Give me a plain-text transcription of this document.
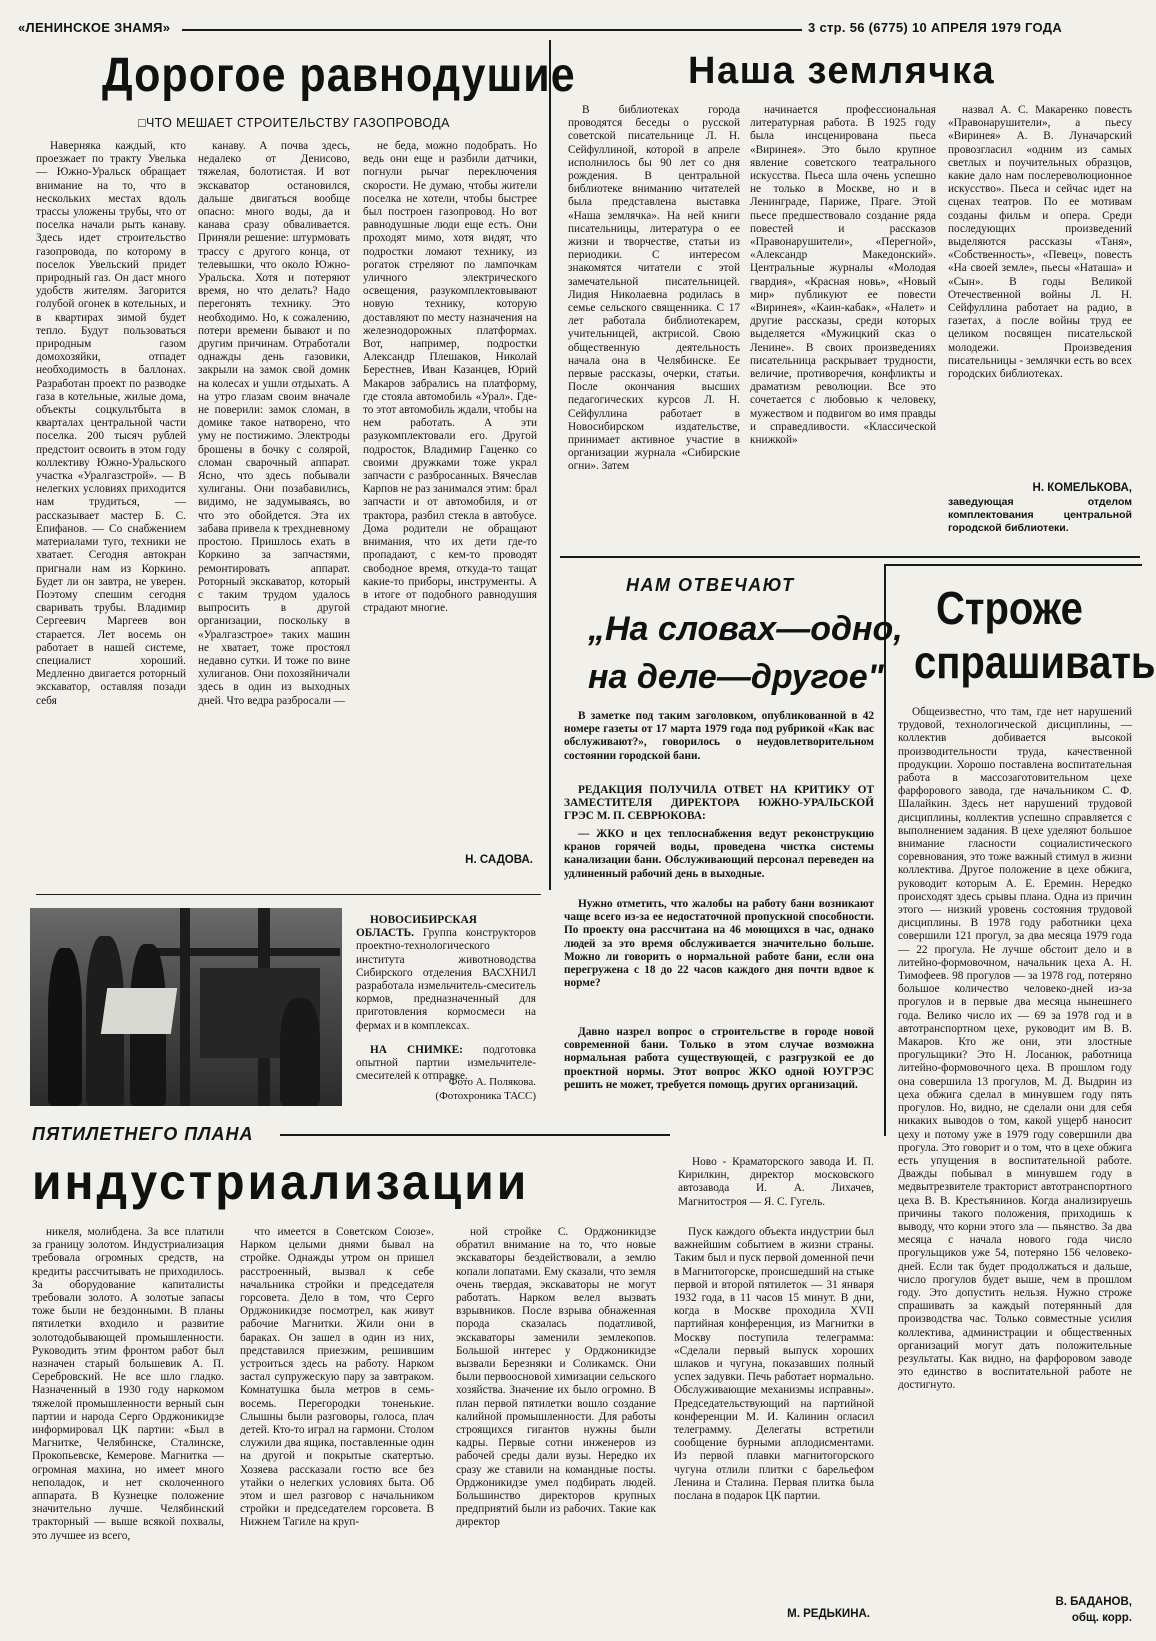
«ЛЕНИНСКОЕ ЗНАМЯ»	3 стр. 56 (6775) 10 АПРЕЛЯ 1979 ГОДА
Дорогое равнодушие
□ЧТО МЕШАЕТ СТРОИТЕЛЬСТВУ ГАЗОПРОВОДА

Наверняка каждый, кто проезжает по тракту Увелька — Южно-Уральск обращает внимание на то, что в нескольких местах вдоль трассы уложены трубы, что от поселка начали рыть канаву. Здесь идет строительство газопровода, по которому в поселок Увельский придет природный газ. Он даст много удобств жителям. Загорится голубой огонек в котельных, и в квартирах зимой будет тепло. Будут пользоваться природным газом домохозяйки, отпадет необходимость в баллонах. Разработан проект по разводке газа в котельные, жилые дома, объекты соцкультбыта в кварталах центральной части поселка. 200 тысяч рублей предстоит освоить в этом году коллективу Южно-Уральского участка «Уралгазстрой». — В нелегких условиях приходится нам трудиться, — рассказывает мастер Б. С. Епифанов. — Со снабжением материалами туго, техники не хватает. Сегодня автокран пригнали нам из Коркино. Будет ли он завтра, не уверен. Поэтому спешим сегодня сваривать трубы. Владимир Сергеевич Маргеев вон старается. Лет восемь он работает в нашей системе, специалист хороший. Медленно двигается роторный экскаватор, оставляя позади себя

канаву. А почва здесь, недалеко от Денисово, тяжелая, болотистая. И вот экскаватор остановился, дальше двигаться вообще опасно: много воды, да и канава сразу обваливается. Приняли решение: штурмовать трассу с другого конца, от телевышки, что около Южно-Уральска. Хотя и потеряют время, но что делать? Надо перегонять технику. Это необходимо. Но, к сожалению, потери времени бывают и по другим причинам. Отработали однажды день газовики, закрыли на замок свой домик на колесах и ушли отдыхать. А на утро глазам своим вначале не поверили: замок сломан, в домике такое натворено, что уму не постижимо. Электроды брошены в бочку с солярой, сломан сварочный аппарат. Ясно, что здесь побывали хулиганы. Они позабавились, видимо, не задумываясь, во что это обойдется. Эта их забава привела к трехдневному простою. Пришлось ехать в Коркино за запчастями, ремонтировать аппарат. Роторный экскаватор, который с таким трудом удалось выпросить в другой организации, поскольку в «Уралгазстрое» таких машин не хватает, тоже простоял недавно сутки. И тоже по вине хулиганов. Они похозяйничали здесь в один из выходных дней. Что ведра разбросали —

не беда, можно подобрать. Но ведь они еще и разбили датчики, погнули рычаг переключения скорости. Не думаю, чтобы жители поселка не хотели, чтобы быстрее был построен газопровод. Но вот равнодушные люди еще есть. Они проходят мимо, хотя видят, что подростки ломают технику, из рогаток стреляют по лампочкам уличного электрического освещения, разукомплектовывают новую технику, которую доставляют по месту назначения на железнодорожных платформах. Вот, например, подростки Александр Плешаков, Николай Берестнев, Иван Казанцев, Юрий Макаров забрались на платформу, где стояла автомобиль «Урал». Где-то этот автомобиль ждали, чтобы на нем работать. А эти разукомплектовали его. Другой подросток, Владимир Гаценко со своими дружками тоже украл запчасти с разбросанных. Вячеслав Карпов не раз занимался этим: брал запчасти и от автомобиля, и от трактора, разбил стекла в автобусе. Дома родители не обращают внимания, что их дети где-то пропадают, с кем-то проводят свободное время, откуда-то тащат какие-то приборы, инструменты. А в итоге от подобного равнодушия страдают многие.

Н. САДОВА.
Наша землячка

В библиотеках города проводятся беседы о русской советской писательнице Л. Н. Сейфуллиной, которой в апреле исполнилось бы 90 лет со дня рождения. В центральной библиотеке вниманию читателей была представлена выставка «Наша землячка». На ней книги писательницы, литература о ее жизни и творчестве, статьи из периодики. С интересом знакомятся читатели с этой замечательной писательницей. Лидия Николаевна родилась в семье сельского священника. С 17 лет работала библиотекарем, учительницей, актрисой. Свою общественную деятельность начала она в Челябинске. Ее первые рассказы, очерки, статьи. После окончания высших педагогических курсов Л. Н. Сейфуллина работает в Новосибирском издательстве, принимает активное участие в организации журнала «Сибирские огни». Затем

начинается профессиональная литературная работа. В 1925 году была инсценирована пьеса «Виринея». Это было крупное явление советского театрального искусства. Пьеса шла очень успешно не только в Москве, но и в Ленинграде, Париже, Праге. Этой пьесе предшествовало создание ряда повестей и рассказов «Правонарушители», «Перегной», «Александр Македонский». Центральные журналы «Молодая гвардия», «Красная новь», «Новый мир» публикуют ее повести «Виринея», «Каин-кабак», «Налет» и другие рассказы, среди которых выделяется «Мужицкий сказ о Ленине». В своих произведениях писательница раскрывает трудности, величие, противоречия, конфликты и драматизм революции. Все это сочетается с любовью к человеку, мужеством и подвигом во имя правды и справедливости. «Классической книжкой»

назвал А. С. Макаренко повесть «Правонарушители», а пьесу «Виринея» А. В. Луначарский провозгласил «одним из самых светлых и поучительных образцов, какие дало нам послереволюционное искусство». Пьеса и сейчас идет на сценах театров. По ее мотивам созданы фильм и опера. Среди последующих произведений выделяются рассказы «Таня», «Собственность», «Певец», повесть «На своей земле», пьесы «Наташа» и «Сын». В годы Великой Отечественной войны Л. Н. Сейфуллина работает на радио, в газетах, а после войны труд ее целиком посвящен писательской молодежи. Произведения писательницы - землячки есть во всех городских библиотеках.

Н. КОМЕЛЬКОВА,
заведующая отделом комплектования центральной городской библиотеки.
НАМ ОТВЕЧАЮТ
„На словах—одно,
на деле—другое"

В заметке под таким заголовком, опубликованной в 42 номере газеты от 17 марта 1979 года под рубрикой «Как вас обслуживают?», говорилось о неудовлетворительном состоянии городской бани.

РЕДАКЦИЯ ПОЛУЧИЛА ОТВЕТ НА КРИТИКУ ОТ ЗАМЕСТИТЕЛЯ ДИРЕКТОРА ЮЖНО-УРАЛЬСКОЙ ГРЭС М. П. СЕВРЮКОВА:

— ЖКО и цех теплоснабжения ведут реконструкцию кранов горячей воды, проведена чистка системы канализации бани. Обслуживающий персонал переведен на удлиненный рабочий день в выходные.

Нужно отметить, что жалобы на работу бани возникают чаще всего из-за ее недостаточной пропускной способности. По проекту она рассчитана на 46 моющихся в час, однако людей за это время обслуживается значительно больше. Можно ли говорить о нормальной работе бани, если она перегружена с 18 до 22 часов каждого дня почти вдвое к норме?

Давно назрел вопрос о строительстве в городе новой современной бани. Только в этом случае возможна нормальная работа существующей, с разгрузкой ее до проектной нормы. Этот вопрос ЖКО одной ЮУГРЭС решить не может, требуется помощь других организаций.

Строже
спрашивать

Общеизвестно, что там, где нет нарушений трудовой, технологической дисциплины, — коллектив добивается высокой производительности труда, качественной продукции. Хорошо поставлена воспитательная работа в массозаготовительном цехе фарфорового завода, где начальником С. Ф. Шалайкин. Здесь нет нарушений трудовой дисциплины, коллектив успешно справляется с выполнением задания. В цехе уделяют большое внимание гласности социалистического соревнования, это тоже важный стимул в жизни коллектива. Другое положение в цехе обжига, руководит которым А. Е. Еремин. Нередко происходят здесь срывы плана. Одна из причин этого — низкий уровень состояния трудовой дисциплины. В 1978 году работники цеха совершили 121 прогул, за два месяца 1979 года — 22 прогула. Не лучше обстоит дело и в литейно-формовочном, начальник цеха А. Н. Тимофеев. 98 прогулов — за 1978 год, потеряно большое количество человеко-дней из-за прогулов и в первые два месяца нынешнего года. Велико число их — 69 за 1978 год и в автотранспортном цехе, руководит им В. В. Макаров. Кто же они, эти злостные прогульщики? Это Н. Лосанюк, работница литейно-формовочного цеха. В прошлом году она совершила 13 прогулов, М. Д. Выдрин из цеха обжига сделал в минувшем году пять прогулов. Но, видно, не сделали они для себя никаких выводов о том, какой ущерб наносит цеху и потому уже в 1979 году совершили два прогула. Это говорит и о том, что в цехе обжига есть упущения в воспитательной работе. Дважды побывал в минувшем году в медвытрезвителе тракторист автотранспортного цеха В. В. Крестьянинов. Когда анализируешь причины такого положения, приходишь к выводу, что корни этого зла — пьянство. За два месяца с начала нового года число прогульщиков уже 54, потеряно 156 человеко-дней. Если так будет продолжаться и дальше, число прогулов будет выше, чем в прошлом году. Это допустить нельзя. Нужно строже спрашивать за каждый потерянный для производства час. Только совместные усилия коллектива, администрации и общественных организаций могут дать положительные результаты. Как видно, на фарфоровом заводе это единство в воспитательной работе не достигнуто.

В. БАДАНОВ,
общ. корр.

НОВОСИБИРСКАЯ ОБЛАСТЬ. Группа конструкторов проектно-технологического института животноводства Сибирского отделения ВАСХНИЛ разработала измельчитель-смеситель кормов, предназначенный для приготовления кормосмеси на фермах и в комплексах.

НА СНИМКЕ: подготовка опытной партии измельчителе-смесителей к отправке.

Фото А. Полякова.
(Фотохроника ТАСС)
ПЯТИЛЕТНЕГО ПЛАНА
индустриализации	Ново - Краматорского завода И. П. Кирилкин, директор московского автозавода И. А. Лихачев, Магнитостроя — Я. С. Гугель.

никеля, молибдена. За все платили за границу золотом. Индустриализация требовала огромных средств, на кредиты рассчитывать не приходилось. За оборудование капиталисты требовали золото. А золотые запасы тоже были не бездонными. В планы пятилетки входило и развитие золотодобывающей промышленности. Руководить этим фронтом работ был назначен старый большевик А. П. Серебровский. Не все шло гладко. Назначенный в 1930 году наркомом тяжелой промышленности верный сын партии и народа Серго Орджоникидзе информировал ЦК партии: «Был в Магнитке, Челябинске, Сталинске, Прокопьевске, Кемерове. Магнитка — огромная махина, но имеет много неполадок, и нет сколоченного аппарата. В Кузнецке положение значительно лучше. Челябинский тракторный — выше всякой похвалы, это лучшее из всего,

что имеется в Советском Союзе». Нарком целыми днями бывал на стройке. Однажды утром он пришел расстроенный, вызвал к себе начальника стройки и председателя горсовета. Дело в том, что Серго Орджоникидзе посмотрел, как живут рабочие Магнитки. Жили они в бараках. Он зашел в один из них, представился приезжим, решившим устроиться здесь на работу. Нарком застал супружескую пару за завтраком. Комнатушка была метров в семь-восемь. Перегородки тоненькие. Слышны были разговоры, голоса, плач детей. Кто-то играл на гармони. Столом служили два ящика, поставленные один на другой и покрытые скатертью. Хозяева рассказали гостю все без утайки о нелегких условиях быта. Об этом и шел разговор с начальником стройки и председателем горсовета. В Нижнем Тагиле на круп-

ной стройке С. Орджоникидзе обратил внимание на то, что новые экскаваторы бездействовали, а землю копали лопатами. Ему сказали, что земля очень твердая, экскаваторы не могут работать. Нарком велел вызвать взрывников. После взрыва обнаженная порода сказалась податливой, экскаваторы заменили землекопов. Большой интерес у Орджоникидзе вызвали Березняки и Соликамск. Они были первоосновой химизации сельского хозяйства. Значение их было огромно. В план первой пятилетки вошло создание калийной промышленности. Для работы строящихся гигантов нужны были кадры. Первые сотни инженеров из рабочей среды дали вузы. Нередко их сразу же ставили на командные посты. Орджоникидзе умел подбирать людей. Большинство директоров крупных предприятий были из рабочих. Такие как директор

Пуск каждого объекта индустрии был важнейшим событием в жизни страны. Таким был и пуск первой доменной печи в Магнитогорске, происшедший на стыке первой и второй пятилеток — 31 января 1932 года, в 11 часов 15 минут. В дни, когда в Москве проходила XVII партийная конференция, из Магнитки в Москву поступила телеграмма: «Сделали первый выпуск хороших шлаков и чугуна, показавших полный успех задувки. Печь работает нормально. Обслуживающие механизмы исправны». Председательствующий на партийной конференции М. И. Калинин огласил телеграмму. Делегаты встретили сообщение бурными аплодисментами. Из первой плавки магнитогорского чугуна отлили плитки с барельефом Ленина и Сталина. Первая плитка была послана в подарок ЦК партии.

М. РЕДЬКИНА.
